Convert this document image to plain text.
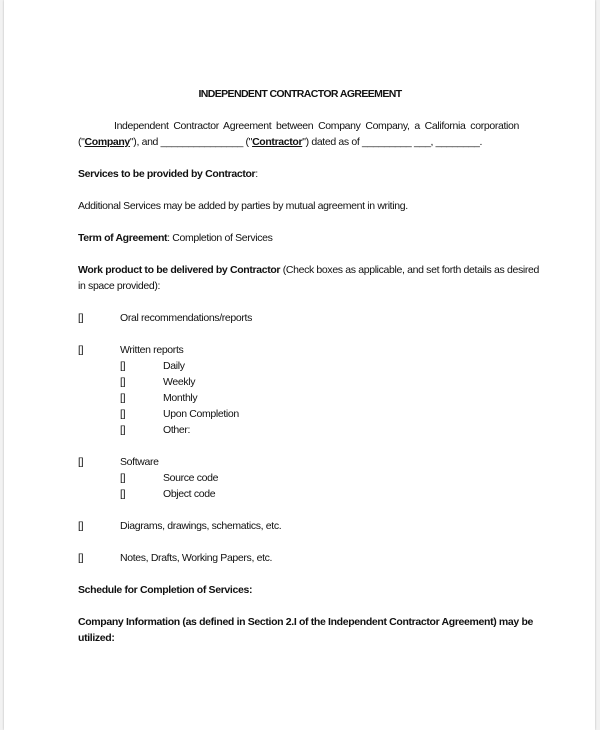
INDEPENDENT CONTRACTOR AGREEMENT
Independent Contractor Agreement between Company Company, a California corporation
("Company"), and _______________ ("Contractor") dated as of _________ ___, ________.
Services to be provided by Contractor:
Additional Services may be added by parties by mutual agreement in writing.
Term of Agreement: Completion of Services
Work product to be delivered by Contractor (Check boxes as applicable, and set forth details as desired
in space provided):
[]	Oral recommendations/reports
[]	Written reports
[]	Daily
[]	Weekly
[]	Monthly
[]	Upon Completion
[]	Other:
[]	Software
[]	Source code
[]	Object code
[]	Diagrams, drawings, schematics, etc.
[]	Notes, Drafts, Working Papers, etc.
Schedule for Completion of Services:
Company Information (as defined in Section 2.I of the Independent Contractor Agreement) may be
utilized:
